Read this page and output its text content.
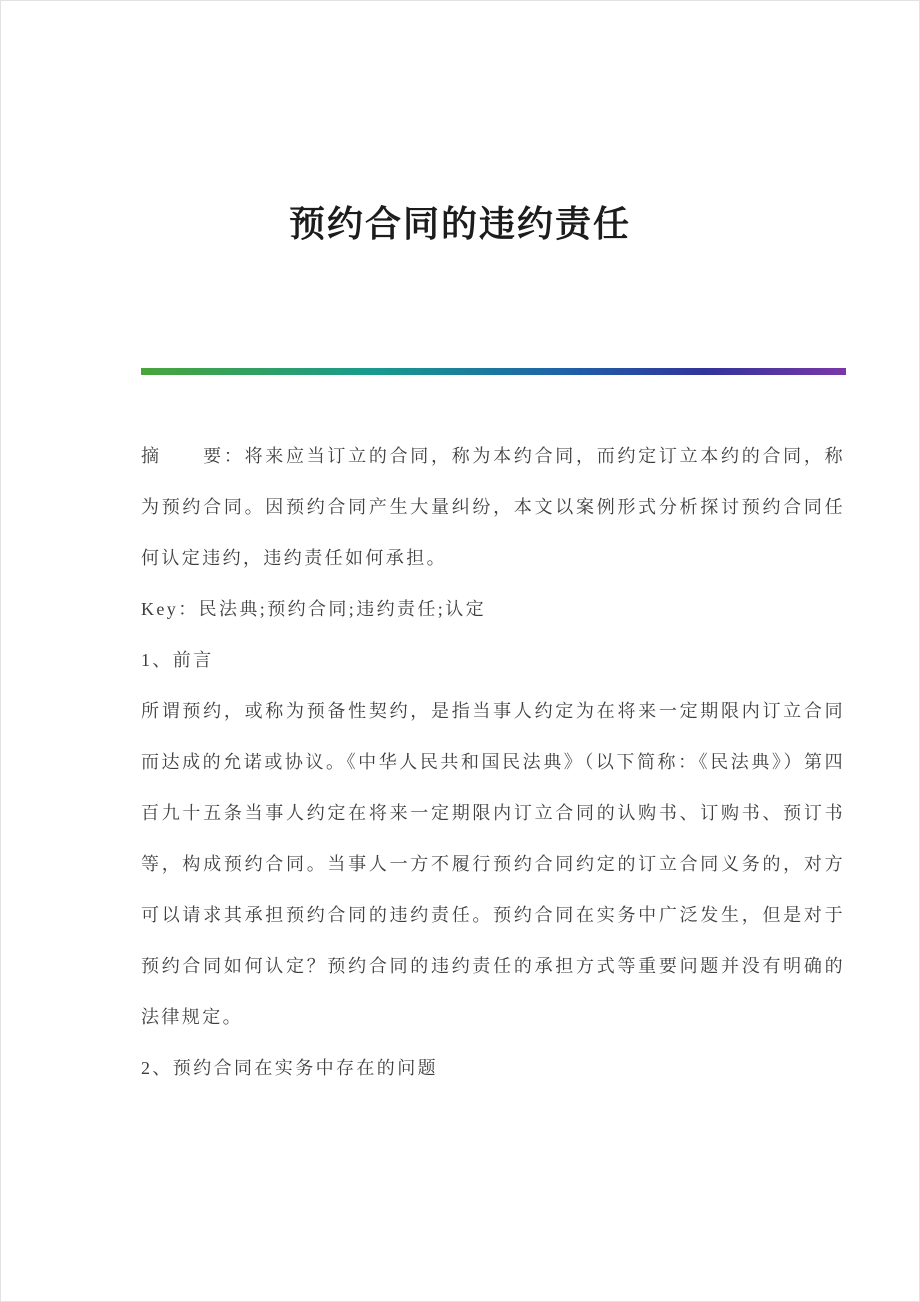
预约合同的违约责任

摘　　要：将来应当订立的合同，称为本约合同，而约定订立本约的合同，称为预约合同。因预约合同产生大量纠纷，本文以案例形式分析探讨预约合同任何认定违约，违约责任如何承担。

Key：民法典;预约合同;违约责任;认定

1、前言

所谓预约，或称为预备性契约，是指当事人约定为在将来一定期限内订立合同而达成的允诺或协议。《中华人民共和国民法典》（以下简称：《民法典》）第四百九十五条当事人约定在将来一定期限内订立合同的认购书、订购书、预订书等，构成预约合同。当事人一方不履行预约合同约定的订立合同义务的，对方可以请求其承担预约合同的违约责任。预约合同在实务中广泛发生，但是对于预约合同如何认定？预约合同的违约责任的承担方式等重要问题并没有明确的法律规定。

2、预约合同在实务中存在的问题
